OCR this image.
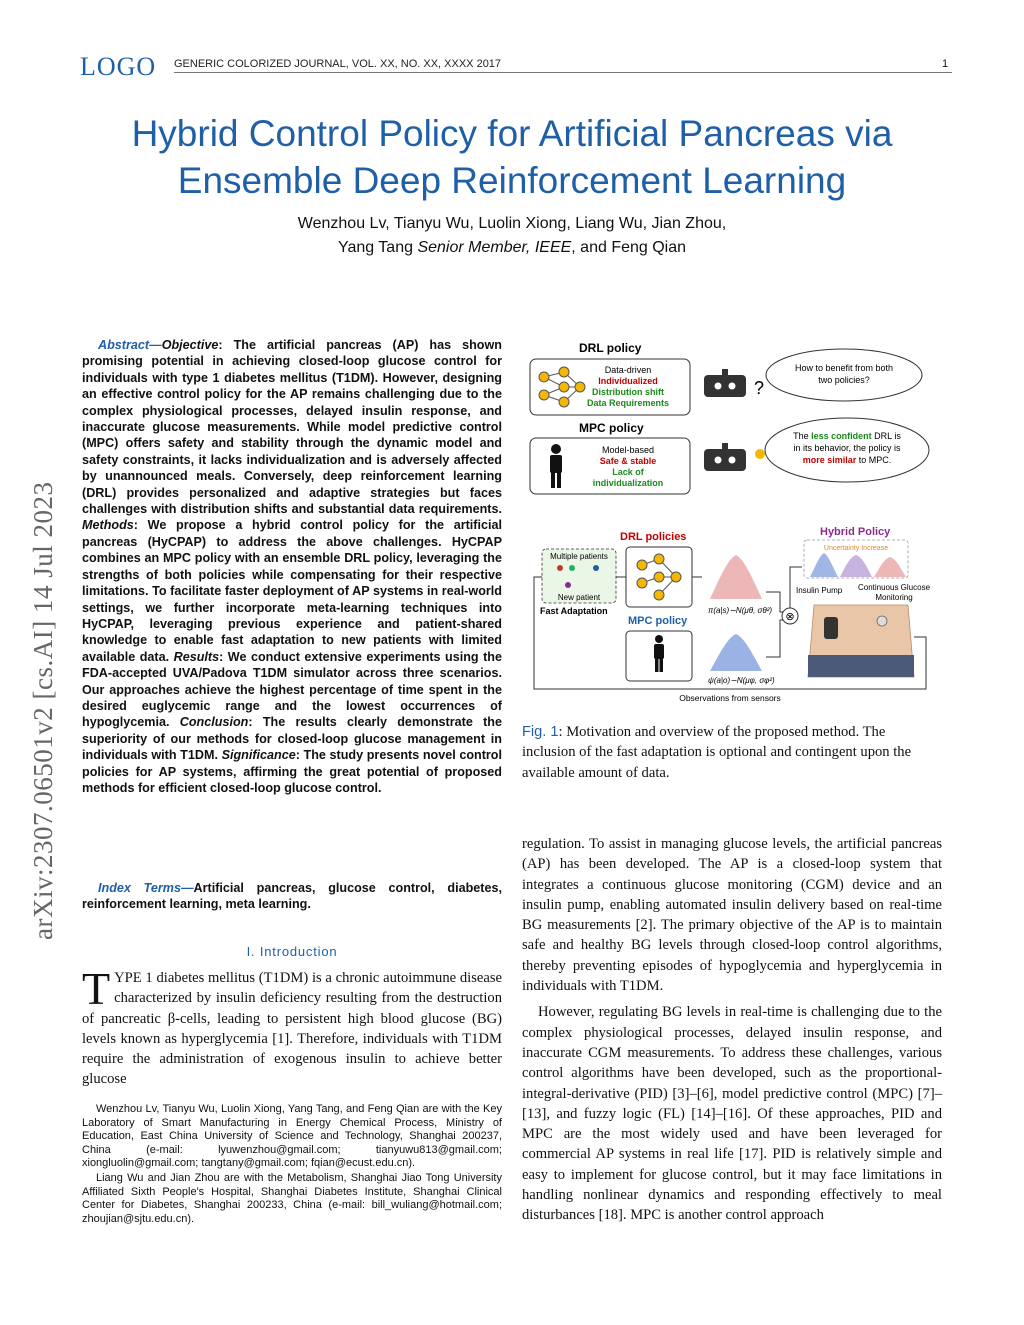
LOGO GENERIC COLORIZED JOURNAL, VOL. XX, NO. XX, XXXX 2017	1
Hybrid Control Policy for Artificial Pancreas via
Ensemble Deep Reinforcement Learning
Wenzhou Lv, Tianyu Wu, Luolin Xiong, Liang Wu, Jian Zhou,
Yang Tang Senior Member, IEEE, and Feng Qian
arXiv:2307.06501v2 [cs.AI] 14 Jul 2023
Abstract—Objective: The artificial pancreas (AP) has shown promising potential in achieving closed-loop glucose control for individuals with type 1 diabetes mellitus (T1DM). However, designing an effective control policy for the AP remains challenging due to the complex physiological processes, delayed insulin response, and inaccurate glucose measurements. While model predictive control (MPC) offers safety and stability through the dynamic model and safety constraints, it lacks individualization and is adversely affected by unannounced meals. Conversely, deep reinforcement learning (DRL) provides personalized and adaptive strategies but faces challenges with distribution shifts and substantial data requirements. Methods: We propose a hybrid control policy for the artificial pancreas (HyCPAP) to address the above challenges. HyCPAP combines an MPC policy with an ensemble DRL policy, leveraging the strengths of both policies while compensating for their respective limitations. To facilitate faster deployment of AP systems in real-world settings, we further incorporate meta-learning techniques into HyCPAP, leveraging previous experience and patient-shared knowledge to enable fast adaptation to new patients with limited available data. Results: We conduct extensive experiments using the FDA-accepted UVA/Padova T1DM simulator across three scenarios. Our approaches achieve the highest percentage of time spent in the desired euglycemic range and the lowest occurrences of hypoglycemia. Conclusion: The results clearly demonstrate the superiority of our methods for closed-loop glucose management in individuals with T1DM. Significance: The study presents novel control policies for AP systems, affirming the great potential of proposed methods for efficient closed-loop glucose control.
Index Terms—Artificial pancreas, glucose control, diabetes, reinforcement learning, meta learning.
I. Introduction
TYPE 1 diabetes mellitus (T1DM) is a chronic autoimmune disease characterized by insulin deficiency resulting from the destruction of pancreatic β-cells, leading to persistent high blood glucose (BG) levels known as hyperglycemia [1]. Therefore, individuals with T1DM require the administration of exogenous insulin to achieve better glucose

Wenzhou Lv, Tianyu Wu, Luolin Xiong, Yang Tang, and Feng Qian are with the Key Laboratory of Smart Manufacturing in Energy Chemical Process, Ministry of Education, East China University of Science and Technology, Shanghai 200237, China (e-mail: lyuwenzhou@gmail.com; tianyuwu813@gmail.com; xiongluolin@gmail.com; tangtany@gmail.com; fqian@ecust.edu.cn).

Liang Wu and Jian Zhou are with the Metabolism, Shanghai Jiao Tong University Affiliated Sixth People's Hospital, Shanghai Diabetes Institute, Shanghai Clinical Center for Diabetes, Shanghai 200233, China (e-mail: bill_wuliang@hotmail.com; zhoujian@sjtu.edu.cn).

DRL policy
Data-driven
Individualized
Distribution shift
Data Requirements
MPC policy
Model-based
Safe & stable
Lack of
individualization
?
How to benefit from both
two policies?
The less confident DRL is
in its behavior, the policy is
more similar to MPC.
DRL policies
Multiple patients
New patient
Fast Adaptation	π(a|s)∼N(μθ, σθ²)
MPC policy
ψ(a|o)∼N(μφ, σφ²)
⊗
Hybrid Policy
Uncertainty Increase
Insulin Pump Continuous Glucose
Monitoring
Observations from sensors
Fig. 1: Motivation and overview of the proposed method. The inclusion of the fast adaptation is optional and contingent upon the available amount of data.

regulation. To assist in managing glucose levels, the artificial pancreas (AP) has been developed. The AP is a closed-loop system that integrates a continuous glucose monitoring (CGM) device and an insulin pump, enabling automated insulin delivery based on real-time BG measurements [2]. The primary objective of the AP is to maintain safe and healthy BG levels through closed-loop control algorithms, thereby preventing episodes of hypoglycemia and hyperglycemia in individuals with T1DM.

However, regulating BG levels in real-time is challenging due to the complex physiological processes, delayed insulin response, and inaccurate CGM measurements. To address these challenges, various control algorithms have been developed, such as the proportional-integral-derivative (PID) [3]–[6], model predictive control (MPC) [7]–[13], and fuzzy logic (FL) [14]–[16]. Of these approaches, PID and MPC are the most widely used and have been leveraged for commercial AP systems in real life [17]. PID is relatively simple and easy to implement for glucose control, but it may face limitations in handling nonlinear dynamics and responding effectively to meal disturbances [18]. MPC is another control approach
